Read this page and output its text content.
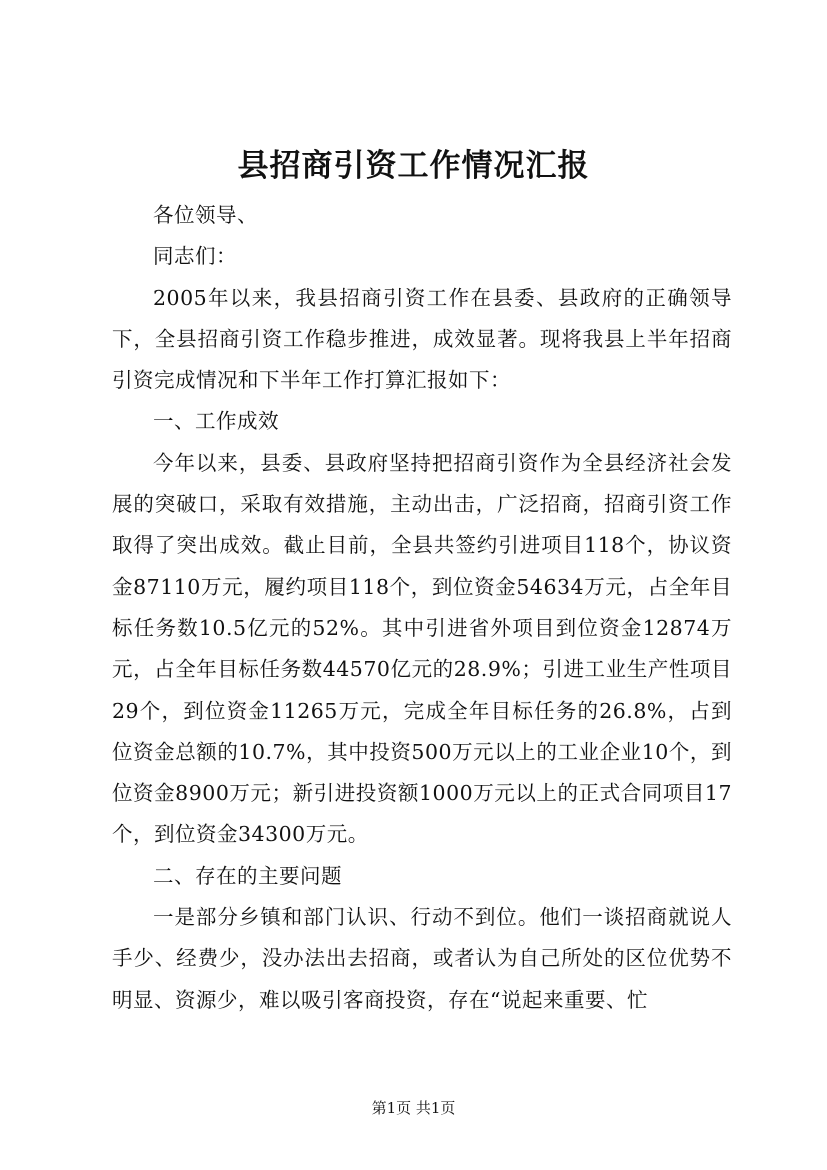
县招商引资工作情况汇报

各位领导、

同志们：

2005年以来，我县招商引资工作在县委、县政府的正确领导下，全县招商引资工作稳步推进，成效显著。现将我县上半年招商引资完成情况和下半年工作打算汇报如下：

一、工作成效

今年以来，县委、县政府坚持把招商引资作为全县经济社会发展的突破口，采取有效措施，主动出击，广泛招商，招商引资工作取得了突出成效。截止目前，全县共签约引进项目118个，协议资金87110万元，履约项目118个，到位资金54634万元，占全年目标任务数10.5亿元的52%。其中引进省外项目到位资金12874万元，占全年目标任务数44570亿元的28.9%；引进工业生产性项目29个，到位资金11265万元，完成全年目标任务的26.8%，占到位资金总额的10.7%，其中投资500万元以上的工业企业10个，到位资金8900万元；新引进投资额1000万元以上的正式合同项目17个，到位资金34300万元。

二、存在的主要问题

一是部分乡镇和部门认识、行动不到位。他们一谈招商就说人手少、经费少，没办法出去招商，或者认为自己所处的区位优势不明显、资源少，难以吸引客商投资，存在“说起来重要、忙

第1页 共1页
